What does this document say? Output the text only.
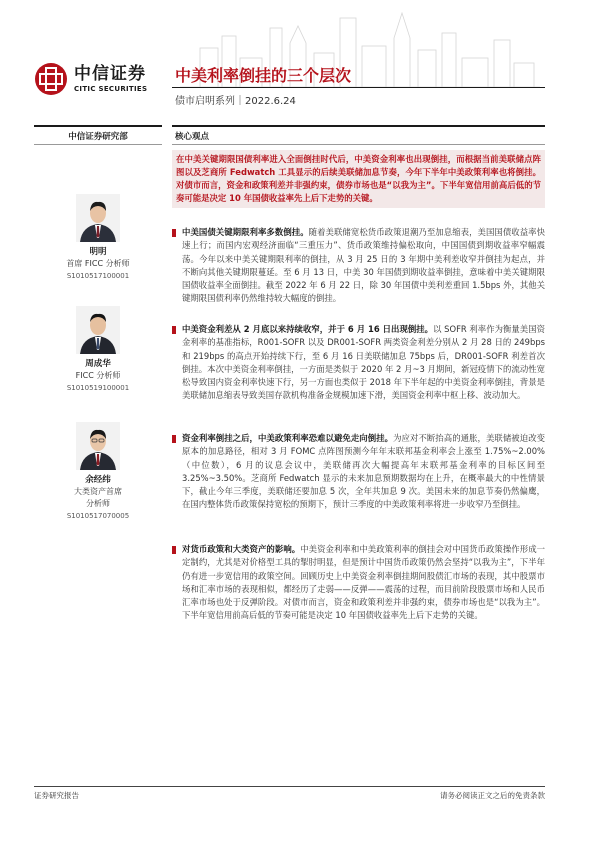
中信证券
CITIC SECURITIES
中美利率倒挂的三个层次
债市启明系列｜2022.6.24
中信证券研究部	核心观点
明明
首席 FICC 分析师
S1010517100001
周成华
FICC 分析师
S1010519100001
余经纬
大类资产首席
分析师
S1010517070005
在中美关键期限国债利率进入全面倒挂时代后，中美资金利率也出现倒挂，而根据当前美联储点阵图以及芝商所 Fedwatch 工具显示的后续美联储加息节奏，今年下半年中美政策利率也将倒挂。对债市而言，资金和政策利差并非强约束，债券市场也是“以我为主”。下半年宽信用前高后低的节奏可能是决定 10 年国债收益率先上后下走势的关键。
中美国债关键期限利率多数倒挂。随着美联储宽松货币政策退潮乃至加息缩表，美国国债收益率快速上行；而国内宏观经济面临“三重压力”、货币政策维持偏松取向，中国国债到期收益率窄幅震荡。今年以来中美关键期限利率的倒挂，从 3 月 25 日的 3 年期中美利差收窄并倒挂为起点，并不断向其他关键期限蔓延。至 6 月 13 日，中美 30 年国债到期收益率倒挂，意味着中美关键期限国债收益率全面倒挂。截至 2022 年 6 月 22 日，除 30 年国债中美利差重回 1.5bps 外，其他关键期限国债利率仍然维持较大幅度的倒挂。
中美资金利差从 2 月底以来持续收窄，并于 6 月 16 日出现倒挂。以 SOFR 利率作为衡量美国资金利率的基准指标，R001-SOFR 以及 DR001-SOFR 两类资金利差分别从 2 月 28 日的 249bps 和 219bps 的高点开始持续下行，至 6 月 16 日美联储加息 75bps 后，DR001-SOFR 利差首次倒挂。本次中美资金利率倒挂，一方面是类似于 2020 年 2 月~3 月期间，新冠疫情下的流动性宽松导致国内资金利率快速下行，另一方面也类似于 2018 年下半年起的中美资金利率倒挂，背景是美联储加息缩表导致美国存款机构准备金规模加速下滑，美国资金利率中枢上移、波动加大。
资金利率倒挂之后，中美政策利率恐难以避免走向倒挂。为应对不断抬高的通胀，美联储被迫改变原本的加息路径，相对 3 月 FOMC 点阵图预测今年年末联邦基金利率会上涨至 1.75%~2.00%（中位数），6 月的议息会议中，美联储再次大幅提高年末联邦基金利率的目标区间至 3.25%~3.50%。芝商所 Fedwatch 显示的未来加息预期数据均在上升，在概率最大的中性情景下，截止今年三季度，美联储还要加息 5 次，全年共加息 9 次。美国未来的加息节奏仍然偏鹰，在国内整体货币政策保持宽松的预期下，预计三季度的中美政策利率将进一步收窄乃至倒挂。
对货币政策和大类资产的影响。中美资金利率和中美政策利率的倒挂会对中国货币政策操作形成一定制约，尤其是对价格型工具的掣肘明显，但是预计中国货币政策仍然会坚持“以我为主”，下半年仍有进一步宽信用的政策空间。回顾历史上中美资金利率倒挂期间股债汇市场的表现，其中股票市场和汇率市场的表现相似，都经历了走弱——反弹——震荡的过程，而目前阶段股票市场和人民币汇率市场也处于反弹阶段。对债市而言，资金和政策利差并非强约束，债券市场也是“以我为主”。下半年宽信用前高后低的节奏可能是决定 10 年国债收益率先上后下走势的关键。
证券研究报告	请务必阅读正文之后的免责条款
